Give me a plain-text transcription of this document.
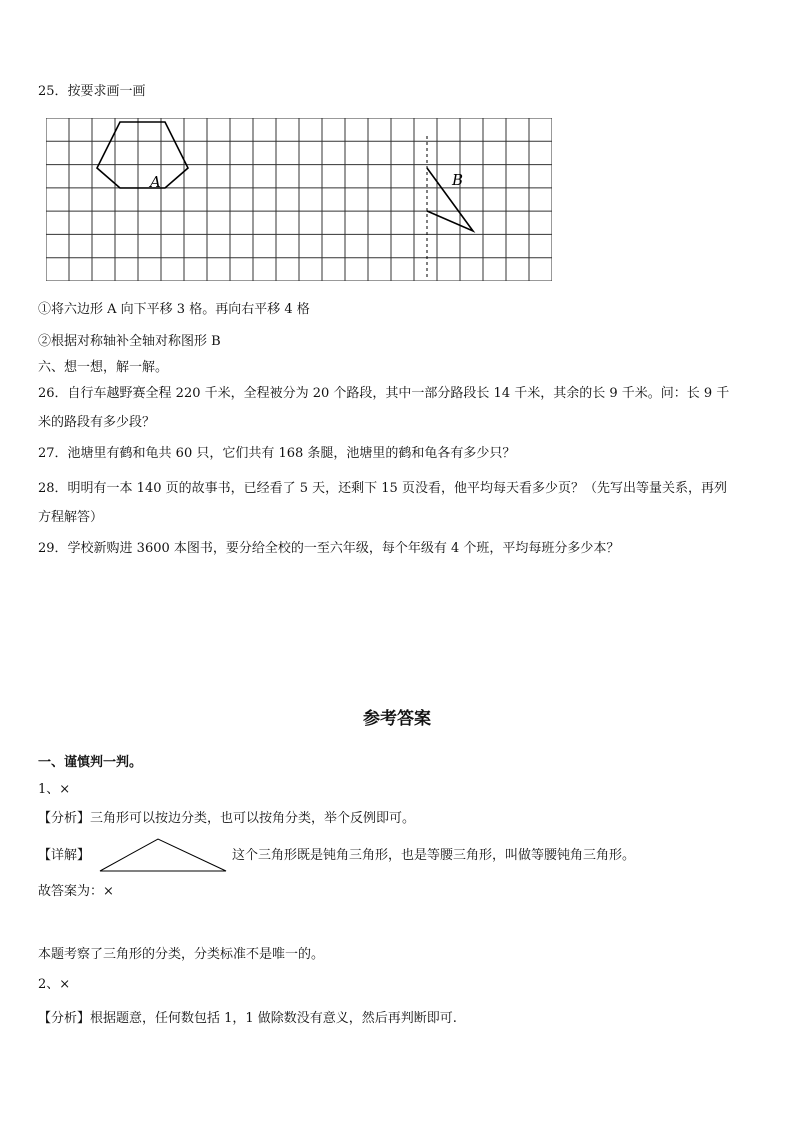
25．按要求画一画
A	B
①将六边形 A 向下平移 3 格。再向右平移 4 格
②根据对称轴补全轴对称图形 B
六、想一想，解一解。
26．自行车越野赛全程 220 千米，全程被分为 20 个路段，其中一部分路段长 14 千米，其余的长 9 千米。问：长 9 千
米的路段有多少段？
27．池塘里有鹤和龟共 60 只，它们共有 168 条腿，池塘里的鹤和龟各有多少只？
28．明明有一本 140 页的故事书，已经看了 5 天，还剩下 15 页没看，他平均每天看多少页？（先写出等量关系，再列
方程解答）
29．学校新购进 3600 本图书，要分给全校的一至六年级，每个年级有 4 个班，平均每班分多少本？
参考答案
一、谨慎判一判。
1、×
【分析】三角形可以按边分类，也可以按角分类，举个反例即可。
【详解】	这个三角形既是钝角三角形，也是等腰三角形，叫做等腰钝角三角形。
故答案为：×
本题考察了三角形的分类，分类标准不是唯一的。
2、×
【分析】根据题意，任何数包括 1，1 做除数没有意义，然后再判断即可.
